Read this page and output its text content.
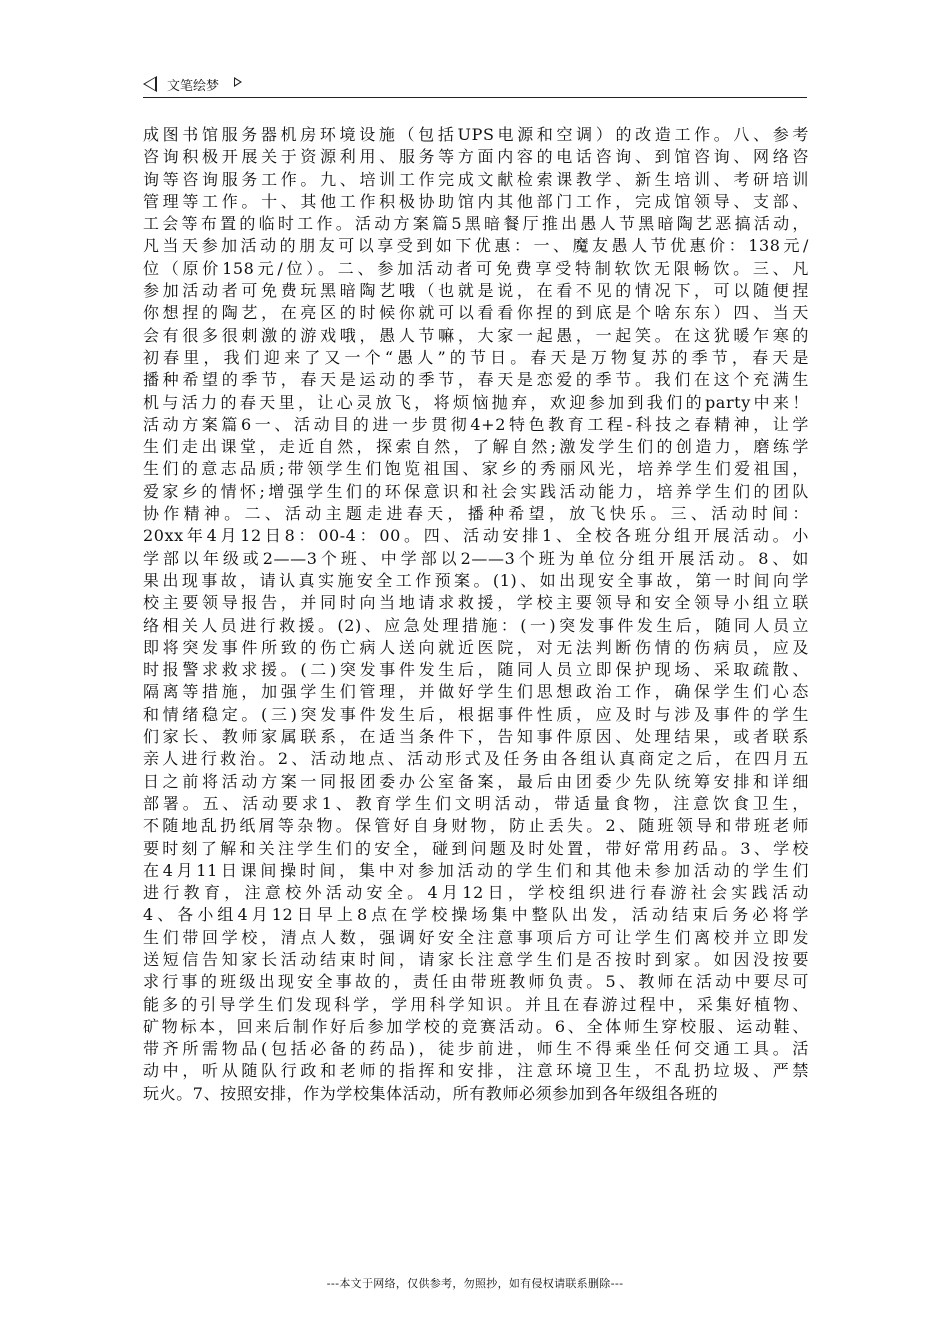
文笔绘梦
成图书馆服务器机房环境设施（包括UPS电源和空调）的改造工作。八、参考
咨询积极开展关于资源利用、服务等方面内容的电话咨询、到馆咨询、网络咨
询等咨询服务工作。九、培训工作完成文献检索课教学、新生培训、考研培训
管理等工作。十、其他工作积极协助馆内其他部门工作，完成馆领导、支部、
工会等布置的临时工作。活动方案篇5黑暗餐厅推出愚人节黑暗陶艺恶搞活动，
凡当天参加活动的朋友可以享受到如下优惠：一、魔友愚人节优惠价：138元/
位（原价158元/位）。二、参加活动者可免费享受特制软饮无限畅饮。三、凡
参加活动者可免费玩黑暗陶艺哦（也就是说，在看不见的情况下，可以随便捏
你想捏的陶艺，在亮区的时候你就可以看看你捏的到底是个啥东东）四、当天
会有很多很刺激的游戏哦，愚人节嘛，大家一起愚，一起笑。在这犹暖乍寒的
初春里，我们迎来了又一个“愚人”的节日。春天是万物复苏的季节，春天是
播种希望的季节，春天是运动的季节，春天是恋爱的季节。我们在这个充满生
机与活力的春天里，让心灵放飞，将烦恼抛弃，欢迎参加到我们的party中来！
活动方案篇6一、活动目的进一步贯彻4+2特色教育工程-科技之春精神，让学
生们走出课堂，走近自然，探索自然，了解自然;激发学生们的创造力，磨练学
生们的意志品质;带领学生们饱览祖国、家乡的秀丽风光，培养学生们爱祖国，
爱家乡的情怀;增强学生们的环保意识和社会实践活动能力，培养学生们的团队
协作精神。二、活动主题走进春天，播种希望，放飞快乐。三、活动时间：
20xx年4月12日8：00-4：00。四、活动安排1、全校各班分组开展活动。小
学部以年级或2——3个班、中学部以2——3个班为单位分组开展活动。8、如
果出现事故，请认真实施安全工作预案。(1)、如出现安全事故，第一时间向学
校主要领导报告，并同时向当地请求救援，学校主要领导和安全领导小组立联
络相关人员进行救援。(2)、应急处理措施：(一)突发事件发生后，随同人员立
即将突发事件所致的伤亡病人送向就近医院，对无法判断伤情的伤病员，应及
时报警求救求援。(二)突发事件发生后，随同人员立即保护现场、采取疏散、
隔离等措施，加强学生们管理，并做好学生们思想政治工作，确保学生们心态
和情绪稳定。(三)突发事件发生后，根据事件性质，应及时与涉及事件的学生
们家长、教师家属联系，在适当条件下，告知事件原因、处理结果，或者联系
亲人进行救治。2、活动地点、活动形式及任务由各组认真商定之后，在四月五
日之前将活动方案一同报团委办公室备案，最后由团委少先队统筹安排和详细
部署。五、活动要求1、教育学生们文明活动，带适量食物，注意饮食卫生，
不随地乱扔纸屑等杂物。保管好自身财物，防止丢失。2、随班领导和带班老师
要时刻了解和关注学生们的安全，碰到问题及时处置，带好常用药品。3、学校
在4月11日课间操时间，集中对参加活动的学生们和其他未参加活动的学生们
进行教育，注意校外活动安全。4月12日，学校组织进行春游社会实践活动
4、各小组4月12日早上8点在学校操场集中整队出发，活动结束后务必将学
生们带回学校，清点人数，强调好安全注意事项后方可让学生们离校并立即发
送短信告知家长活动结束时间，请家长注意学生们是否按时到家。如因没按要
求行事的班级出现安全事故的，责任由带班教师负责。5、教师在活动中要尽可
能多的引导学生们发现科学，学用科学知识。并且在春游过程中，采集好植物、
矿物标本，回来后制作好后参加学校的竞赛活动。6、全体师生穿校服、运动鞋、
带齐所需物品(包括必备的药品)，徒步前进，师生不得乘坐任何交通工具。活
动中，听从随队行政和老师的指挥和安排，注意环境卫生，不乱扔垃圾、严禁
玩火。7、按照安排，作为学校集体活动，所有教师必须参加到各年级组各班的
---本文于网络，仅供参考，勿照抄，如有侵权请联系删除---
